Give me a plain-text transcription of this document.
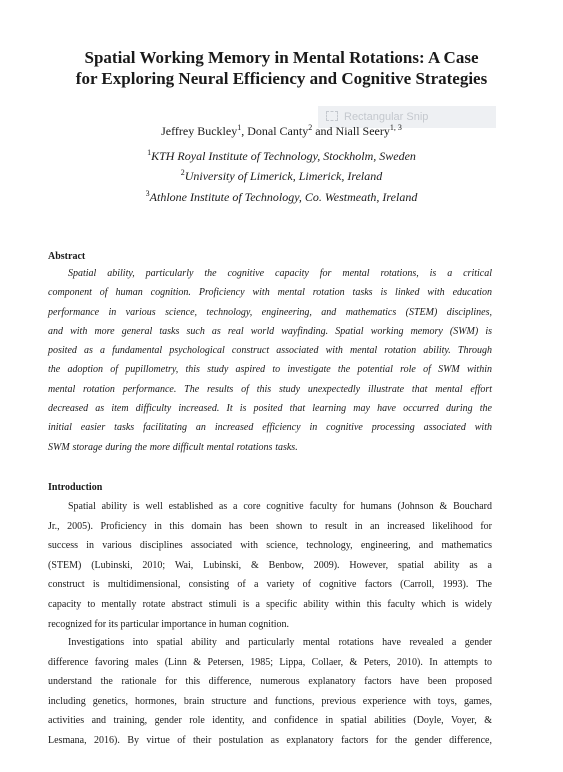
Spatial Working Memory in Mental Rotations: A Case
for Exploring Neural Efficiency and Cognitive Strategies
Rectangular Snip

Jeffrey Buckley$^1$, Donal Canty$^2$ and Niall Seery$^{1, 3}$

$^1$KTH Royal Institute of Technology, Stockholm, Sweden

$^2$University of Limerick, Limerick, Ireland

$^3$Athlone Institute of Technology, Co. Westmeath, Ireland

Abstract
Spatial ability, particularly the cognitive capacity for mental rotations, is a critical
component of human cognition. Proficiency with mental rotation tasks is linked with education
performance in various science, technology, engineering, and mathematics (STEM) disciplines,
and with more general tasks such as real world wayfinding. Spatial working memory (SWM) is
posited as a fundamental psychological construct associated with mental rotation ability. Through
the adoption of pupillometry, this study aspired to investigate the potential role of SWM within
mental rotation performance. The results of this study unexpectedly illustrate that mental effort
decreased as item difficulty increased. It is posited that learning may have occurred during the
initial easier tasks facilitating an increased efficiency in cognitive processing associated with
SWM storage during the more difficult mental rotations tasks.
Introduction
Spatial ability is well established as a core cognitive faculty for humans (Johnson & Bouchard
Jr., 2005). Proficiency in this domain has been shown to result in an increased likelihood for
success in various disciplines associated with science, technology, engineering, and mathematics
(STEM) (Lubinski, 2010; Wai, Lubinski, & Benbow, 2009). However, spatial ability as a
construct is multidimensional, consisting of a variety of cognitive factors (Carroll, 1993). The
capacity to mentally rotate abstract stimuli is a specific ability within this faculty which is widely
recognized for its particular importance in human cognition.
Investigations into spatial ability and particularly mental rotations have revealed a gender
difference favoring males (Linn & Petersen, 1985; Lippa, Collaer, & Peters, 2010). In attempts to
understand the rationale for this difference, numerous explanatory factors have been proposed
including genetics, hormones, brain structure and functions, previous experience with toys, games,
activities and training, gender role identity, and confidence in spatial abilities (Doyle, Voyer, &
Lesmana, 2016). By virtue of their postulation as explanatory factors for the gender difference,
